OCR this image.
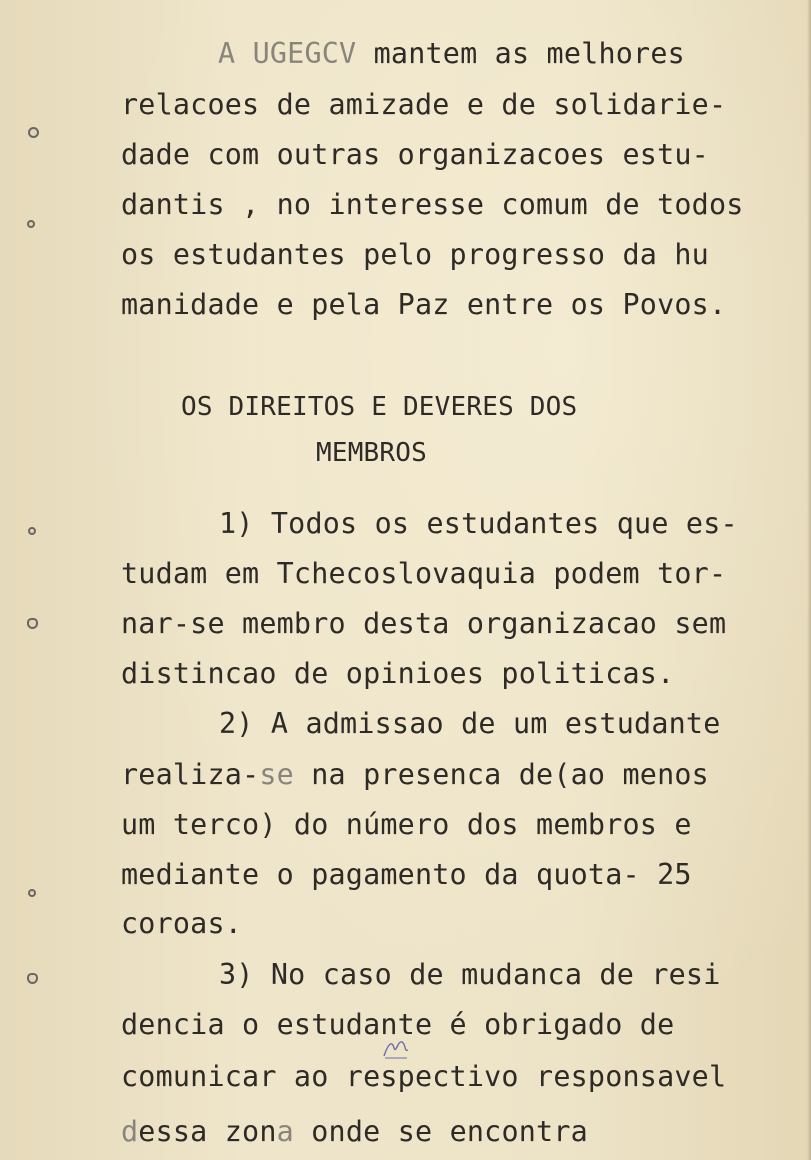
A UGEGCV mantem as melhores
relacoes de amizade e de solidarie-
dade com outras organizacoes estu-
dantis , no interesse comum de todos
os estudantes pelo progresso da hu
manidade e pela Paz entre os Povos.
OS DIREITOS E DEVERES DOS
MEMBROS
1) Todos os estudantes que es-
tudam em Tchecoslovaquia podem tor-
nar-se membro desta organizacao sem
distincao de opinioes politicas.
2) A admissao de um estudante
realiza-se na presenca de(ao menos
um terco) do número dos membros e
mediante o pagamento da quota- 25
coroas.
3) No caso de mudanca de resi
dencia o estudante é obrigado de
comunicar ao respectivo responsavel
dessa zona onde se encontra
